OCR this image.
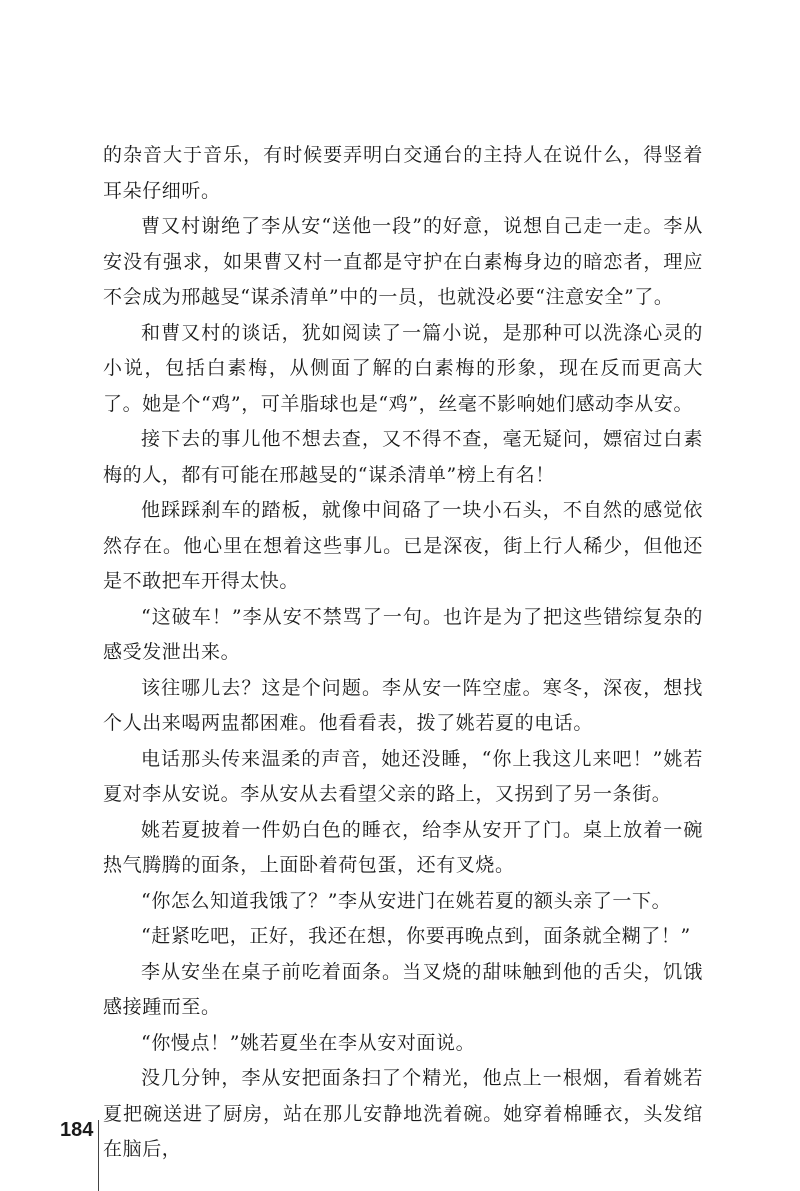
的杂音大于音乐，有时候要弄明白交通台的主持人在说什么，得竖着耳朵仔细听。

曹又村谢绝了李从安“送他一段”的好意，说想自己走一走。李从安没有强求，如果曹又村一直都是守护在白素梅身边的暗恋者，理应不会成为邢越旻“谋杀清单”中的一员，也就没必要“注意安全”了。

和曹又村的谈话，犹如阅读了一篇小说，是那种可以洗涤心灵的小说，包括白素梅，从侧面了解的白素梅的形象，现在反而更高大了。她是个“鸡”，可羊脂球也是“鸡”，丝毫不影响她们感动李从安。

接下去的事儿他不想去查，又不得不查，毫无疑问，嫖宿过白素梅的人，都有可能在邢越旻的“谋杀清单”榜上有名！

他踩踩刹车的踏板，就像中间硌了一块小石头，不自然的感觉依然存在。他心里在想着这些事儿。已是深夜，街上行人稀少，但他还是不敢把车开得太快。

“这破车！”李从安不禁骂了一句。也许是为了把这些错综复杂的感受发泄出来。

该往哪儿去？这是个问题。李从安一阵空虚。寒冬，深夜，想找个人出来喝两盅都困难。他看看表，拨了姚若夏的电话。

电话那头传来温柔的声音，她还没睡，“你上我这儿来吧！”姚若夏对李从安说。李从安从去看望父亲的路上，又拐到了另一条街。

姚若夏披着一件奶白色的睡衣，给李从安开了门。桌上放着一碗热气腾腾的面条，上面卧着荷包蛋，还有叉烧。

“你怎么知道我饿了？”李从安进门在姚若夏的额头亲了一下。

“赶紧吃吧，正好，我还在想，你要再晚点到，面条就全糊了！”

李从安坐在桌子前吃着面条。当叉烧的甜味触到他的舌尖，饥饿感接踵而至。

“你慢点！”姚若夏坐在李从安对面说。

没几分钟，李从安把面条扫了个精光，他点上一根烟，看着姚若夏把碗送进了厨房，站在那儿安静地洗着碗。她穿着棉睡衣，头发绾在脑后，

184
